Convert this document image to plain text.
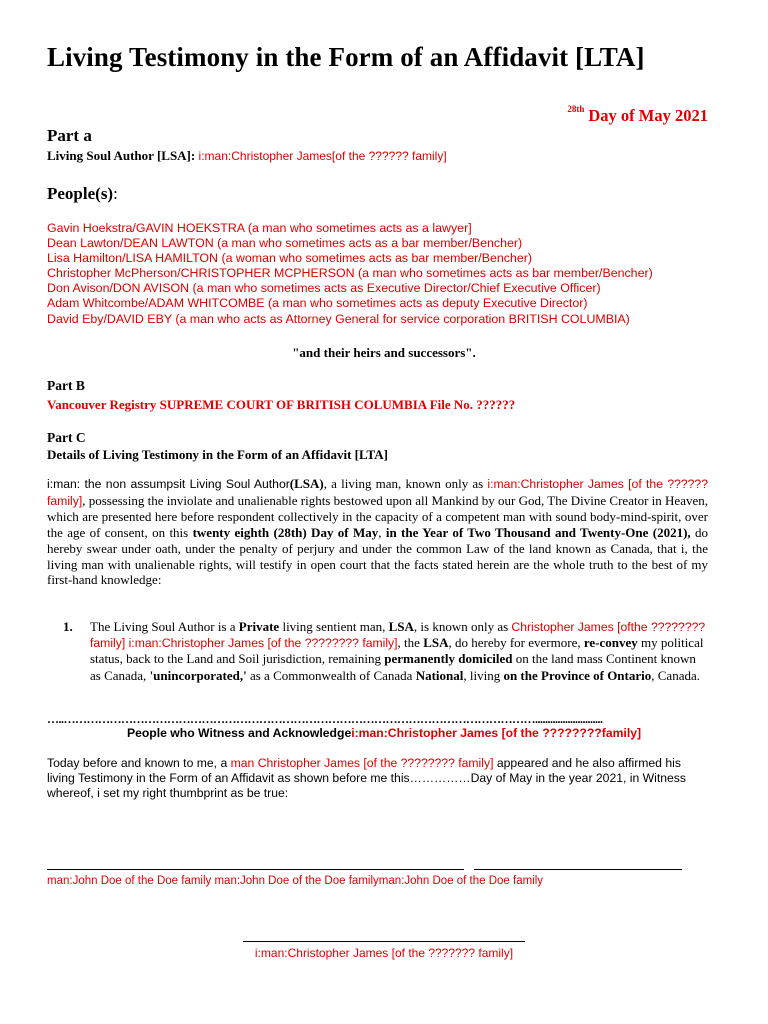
Living Testimony in the Form of an Affidavit [LTA]
$^{28th}$ Day of May 2021
Part a
Living Soul Author [LSA]: i:man:Christopher James[of the ?????? family]
People(s):
Gavin Hoekstra/GAVIN HOEKSTRA (a man who sometimes acts as a lawyer]
Dean Lawton/DEAN LAWTON (a man who sometimes acts as a bar member/Bencher)
Lisa Hamilton/LISA HAMILTON (a woman who sometimes acts as bar member/Bencher)
Christopher McPherson/CHRISTOPHER MCPHERSON (a man who sometimes acts as bar member/Bencher)
Don Avison/DON AVISON (a man who sometimes acts as Executive Director/Chief Executive Officer)
Adam Whitcombe/ADAM WHITCOMBE (a man who sometimes acts as deputy Executive Director)
David Eby/DAVID EBY (a man who acts as Attorney General for service corporation BRITISH COLUMBIA)
"and their heirs and successors".
Part B
Vancouver Registry SUPREME COURT OF BRITISH COLUMBIA File No. ??????
Part C
Details of Living Testimony in the Form of an Affidavit [LTA]
i:man: the non assumpsit Living Soul Author(LSA), a living man, known only as i:man:Christopher James [of the ??????family], possessing the inviolate and unalienable rights bestowed upon all Mankind by our God, The Divine Creator in Heaven, which are presented here before respondent collectively in the capacity of a competent man with sound body-mind-spirit, over the age of consent, on this twenty eighth (28th) Day of May, in the Year of Two Thousand and Twenty-One (2021), do hereby swear under oath, under the penalty of perjury and under the common Law of the land known as Canada, that i, the living man with unalienable rights, will testify in open court that the facts stated herein are the whole truth to the best of my first-hand knowledge:
1. The Living Soul Author is a Private living sentient man, LSA, is known only as Christopher James [ofthe ???????? family] i:man:Christopher James [of the ???????? family], the LSA, do hereby for evermore, re-convey my political status, back to the Land and Soil jurisdiction, remaining permanently domiciled on the land mass Continent known as Canada, 'unincorporated,' as a Commonwealth of Canada National, living on the Province of Ontario, Canada.
…..……………………………………………………………………………………………………………...........................
People who Witness and Acknowledgei:man:Christopher James [of the ????????family]
Today before and known to me, a man Christopher James [of the ???????? family] appeared and he also affirmed his living Testimony in the Form of an Affidavit as shown before me this……………Day of May in the year 2021, in Witness whereof, i set my right thumbprint as be true:
man:John Doe of the Doe family man:John Doe of the Doe familyman:John Doe of the Doe family
i:man:Christopher James [of the ??????? family]
